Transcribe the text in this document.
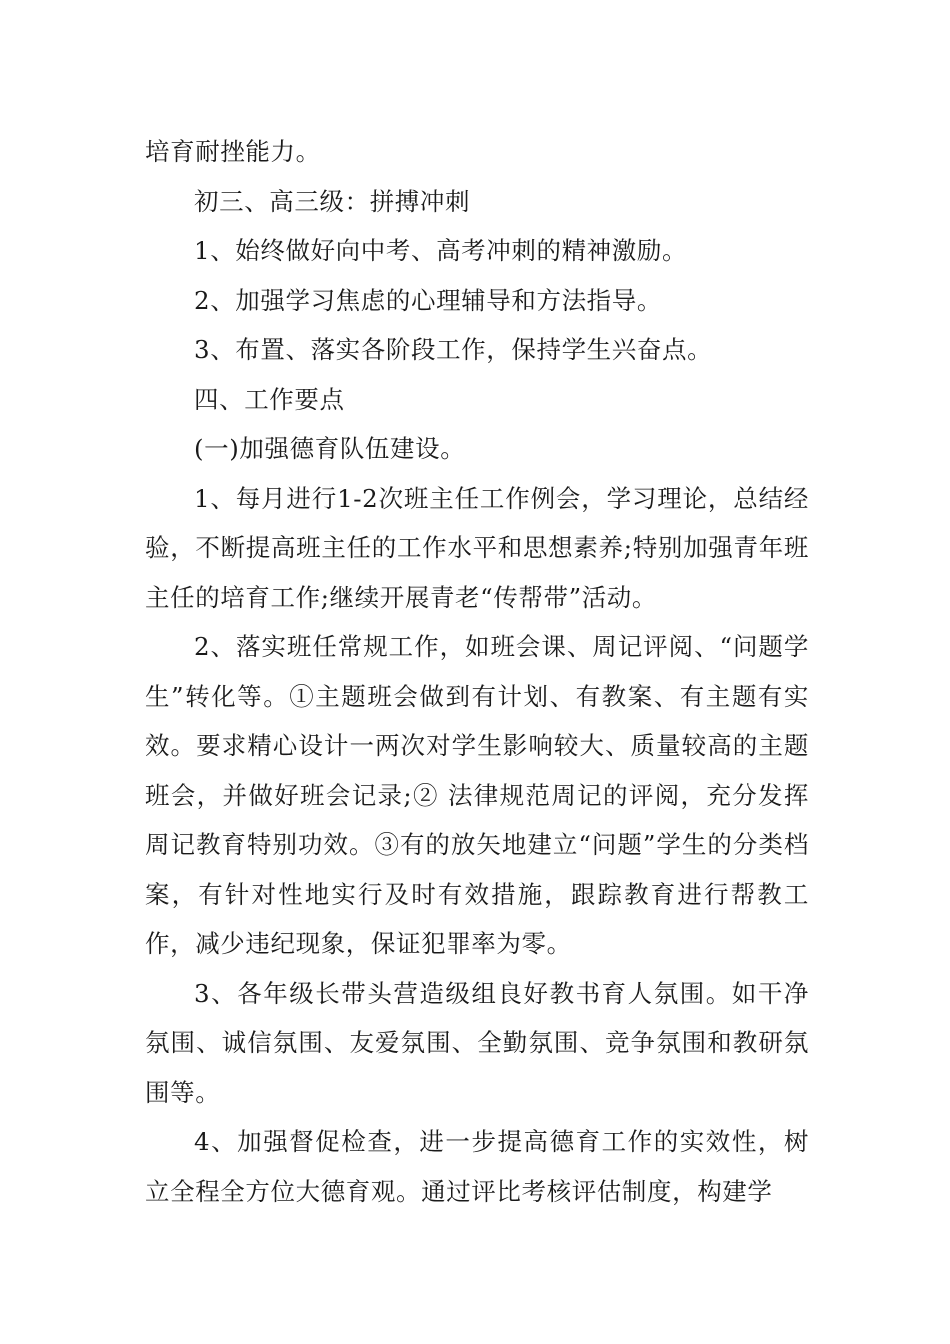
培育耐挫能力。

初三、高三级：拼搏冲刺

1、始终做好向中考、高考冲刺的精神激励。

2、加强学习焦虑的心理辅导和方法指导。

3、布置、落实各阶段工作，保持学生兴奋点。

四、工作要点

(一)加强德育队伍建设。

1、每月进行1-2次班主任工作例会，学习理论，总结经验，不断提高班主任的工作水平和思想素养;特别加强青年班主任的培育工作;继续开展青老“传帮带”活动。

2、落实班任常规工作，如班会课、周记评阅、“问题学生”转化等。①主题班会做到有计划、有教案、有主题有实效。要求精心设计一两次对学生影响较大、质量较高的主题班会，并做好班会记录;② 法律规范周记的评阅，充分发挥周记教育特别功效。③有的放矢地建立“问题”学生的分类档案，有针对性地实行及时有效措施，跟踪教育进行帮教工作，减少违纪现象，保证犯罪率为零。

3、各年级长带头营造级组良好教书育人氛围。如干净氛围、诚信氛围、友爱氛围、全勤氛围、竞争氛围和教研氛围等。

4、加强督促检查，进一步提高德育工作的实效性，树立全程全方位大德育观。通过评比考核评估制度，构建学
